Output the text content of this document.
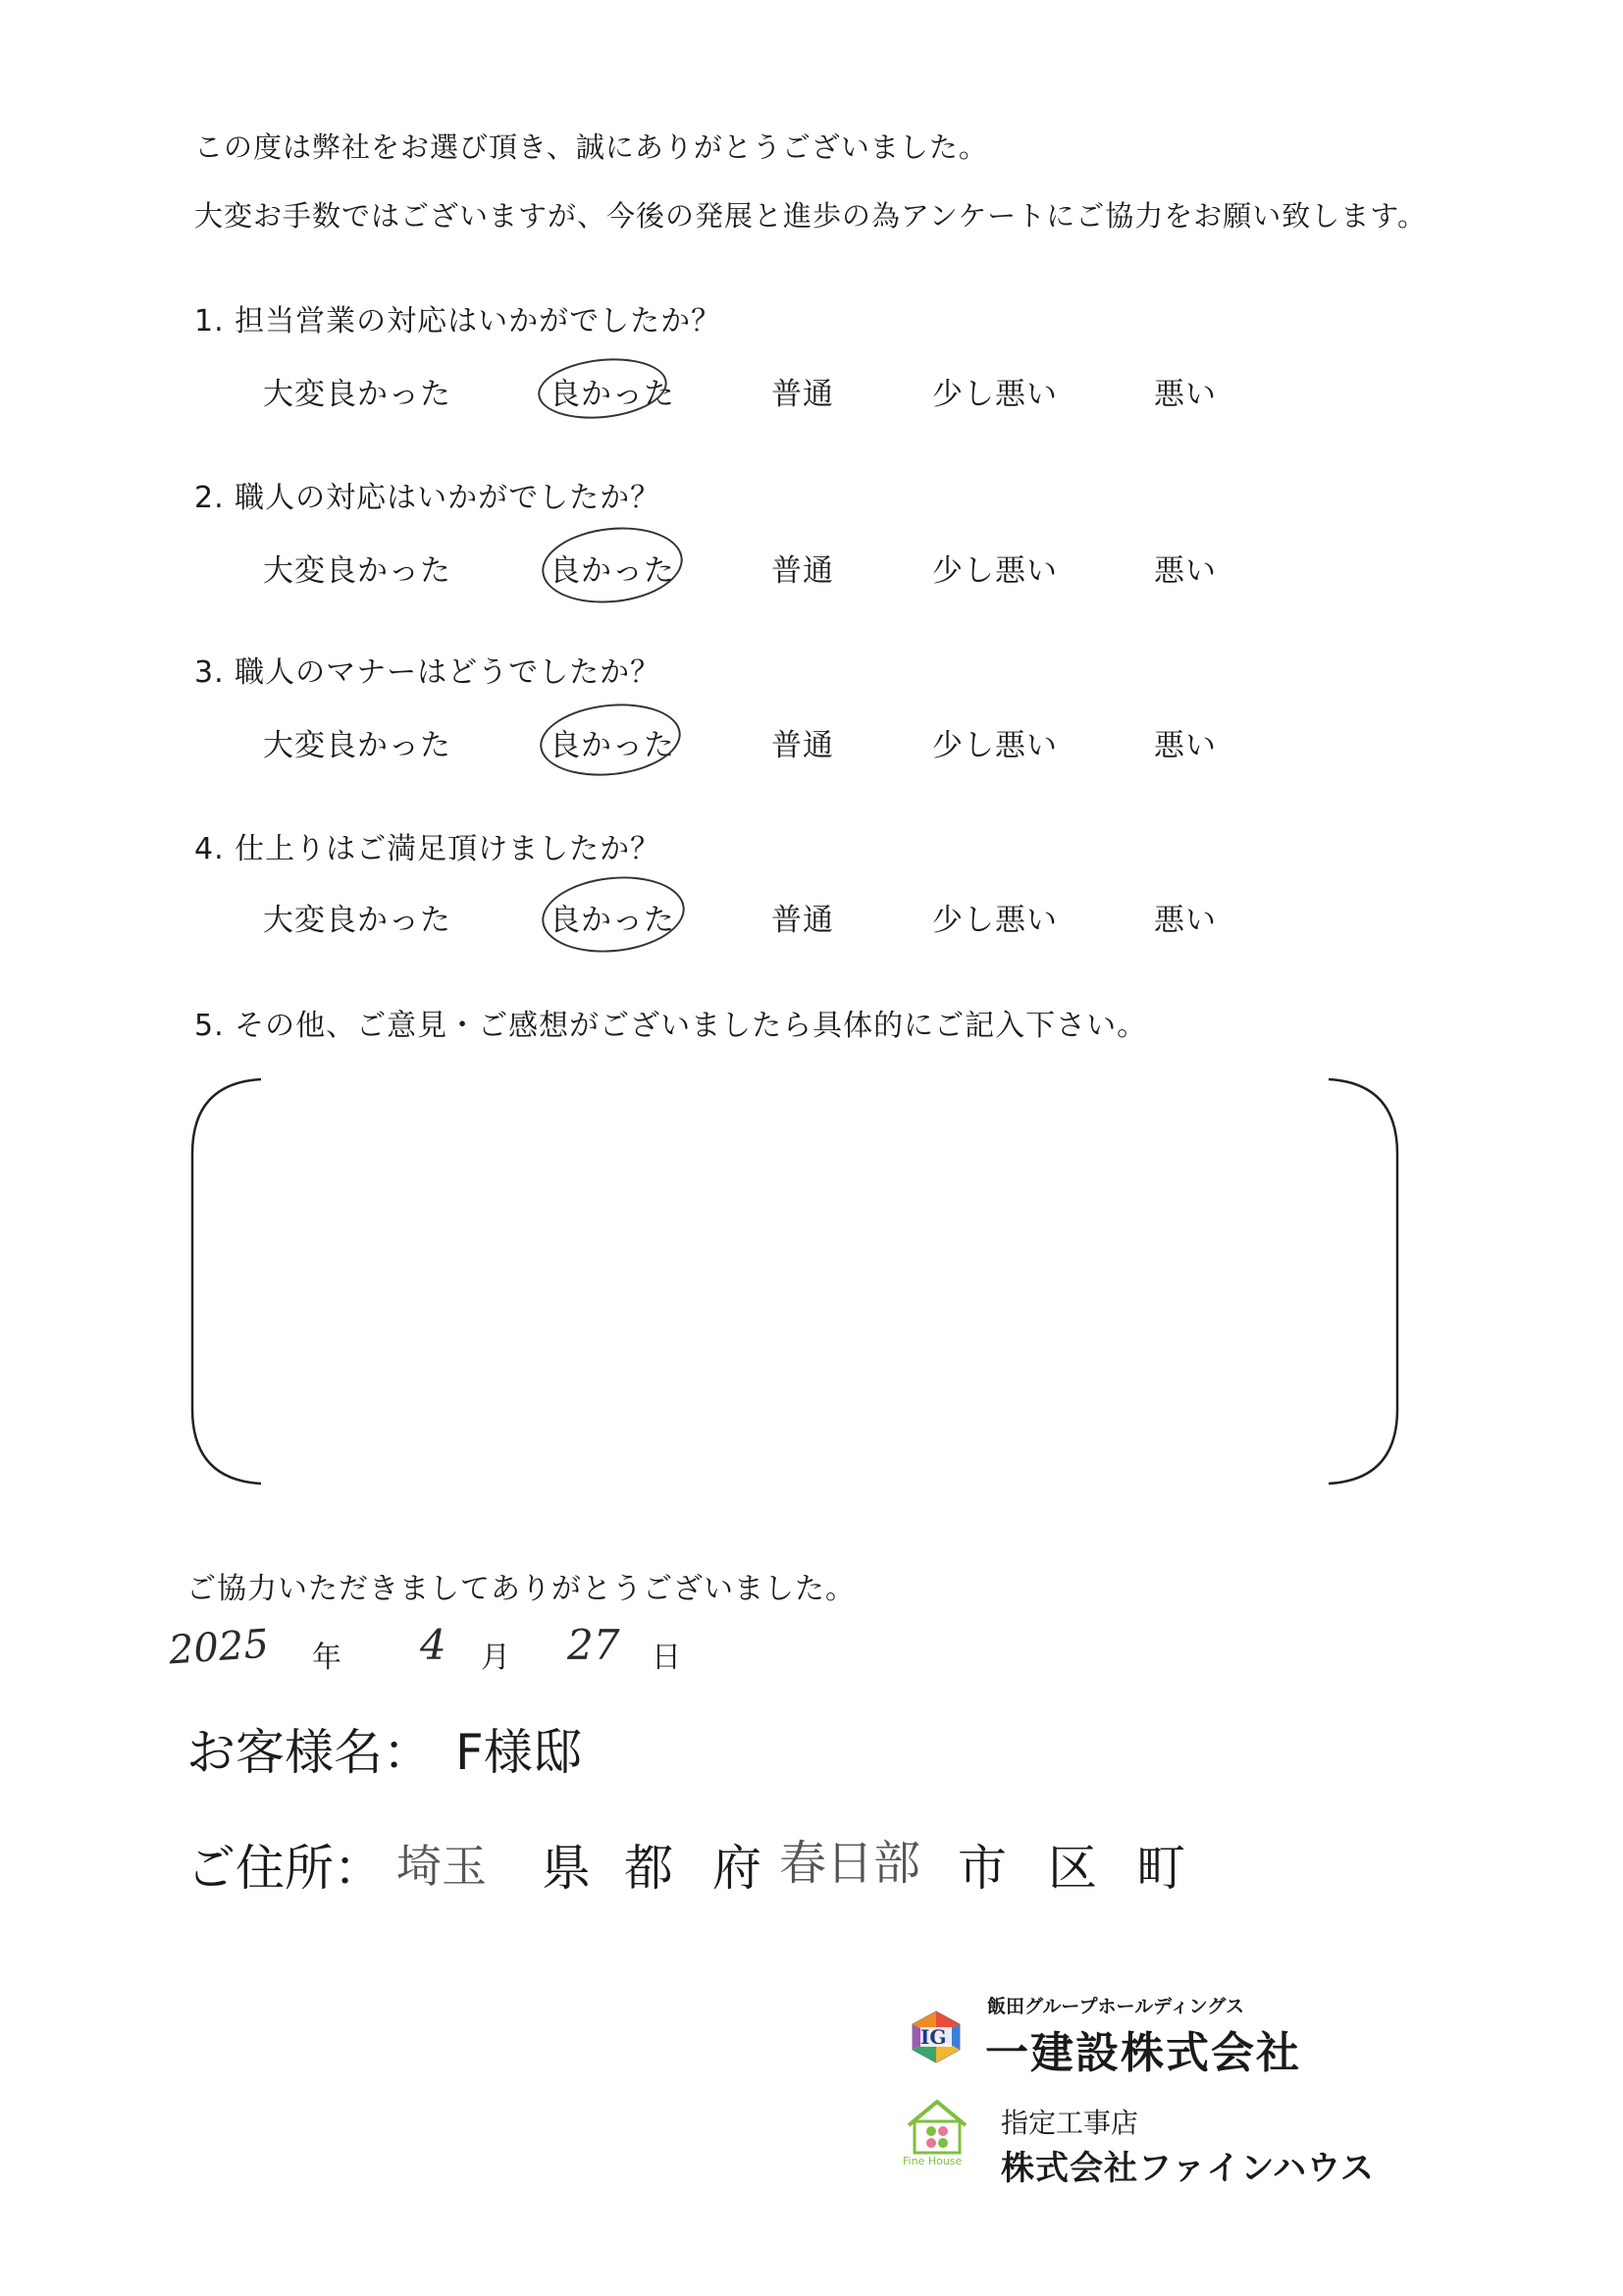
この度は弊社をお選び頂き、誠にありがとうございました。
大変お手数ではございますが、今後の発展と進歩の為アンケートにご協力をお願い致します。
1. 担当営業の対応はいかがでしたか？
大変良かった	良かった	普通	少し悪い	悪い
2. 職人の対応はいかがでしたか？
大変良かった	良かった	普通	少し悪い	悪い
3. 職人のマナーはどうでしたか？
大変良かった	良かった	普通	少し悪い	悪い
4. 仕上りはご満足頂けましたか？
大変良かった	良かった	普通	少し悪い	悪い
5. その他、ご意見・ご感想がございましたら具体的にご記入下さい。
ご協力いただきましてありがとうございました。
2025 年 4 月 27 日
お客様名： F様邸
ご住所： 埼玉 県 都 府 春日部 市 区 町
IG
飯田グループホールディングス
一建設株式会社
Fine House
指定工事店
株式会社ファインハウス
